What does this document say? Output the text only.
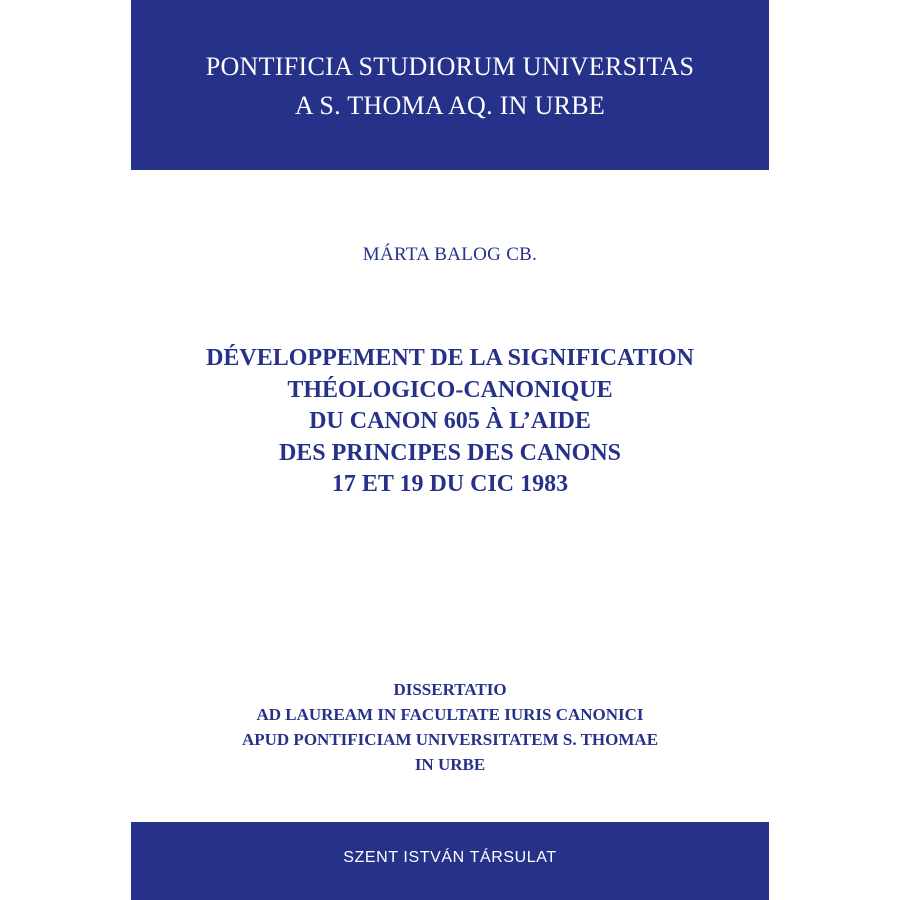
PONTIFICIA STUDIORUM UNIVERSITAS
A S. THOMA AQ. IN URBE
MÁRTA BALOG CB.
DÉVELOPPEMENT DE LA SIGNIFICATION
THÉOLOGICO-CANONIQUE
DU CANON 605 À L’AIDE
DES PRINCIPES DES CANONS
17 ET 19 DU CIC 1983
DISSERTATIO
AD LAUREAM IN FACULTATE IURIS CANONICI
APUD PONTIFICIAM UNIVERSITATEM S. THOMAE
IN URBE
SZENT ISTVÁN TÁRSULAT
